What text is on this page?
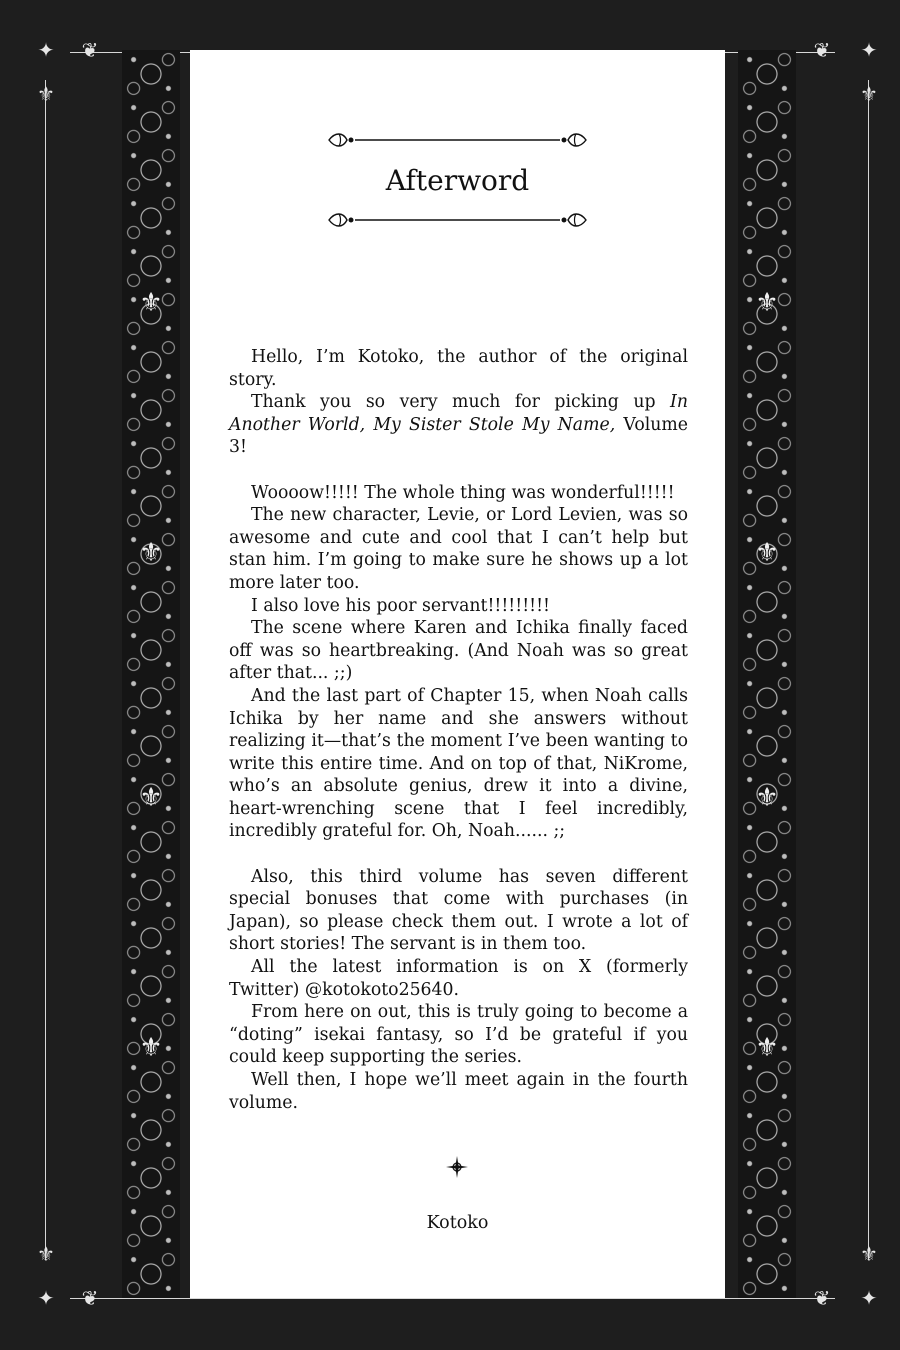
✦	✦
✦	✦
⚜	⚜
⚜	⚜
❦	❦
❦	❦
⚜
⚜
⚜
⚜
⚜
⚜
⚜
⚜
Afterword

Hello, I’m Kotoko, the author of the original story.

Thank you so very much for picking up In Another World, My Sister Stole My Name, Volume 3!

Woooow!!!!! The whole thing was wonderful!!!!!

The new character, Levie, or Lord Levien, was so awesome and cute and cool that I can’t help but stan him. I’m going to make sure he shows up a lot more later too.

I also love his poor servant!!!!!!!!!

The scene where Karen and Ichika finally faced off was so heartbreaking. (And Noah was so great after that... ;;)

And the last part of Chapter 15, when Noah calls Ichika by her name and she answers without realizing it—that’s the moment I’ve been wanting to write this entire time. And on top of that, NiKrome, who’s an absolute genius, drew it into a divine, heart-wrenching scene that I feel incredibly, incredibly grateful for. Oh, Noah...... ;;

Also, this third volume has seven different special bonuses that come with purchases (in Japan), so please check them out. I wrote a lot of short stories! The servant is in them too.

All the latest information is on X (formerly Twitter) @kotokoto25640.

From here on out, this is truly going to become a “doting” isekai fantasy, so I’d be grateful if you could keep supporting the series.

Well then, I hope we’ll meet again in the fourth volume.

Kotoko
